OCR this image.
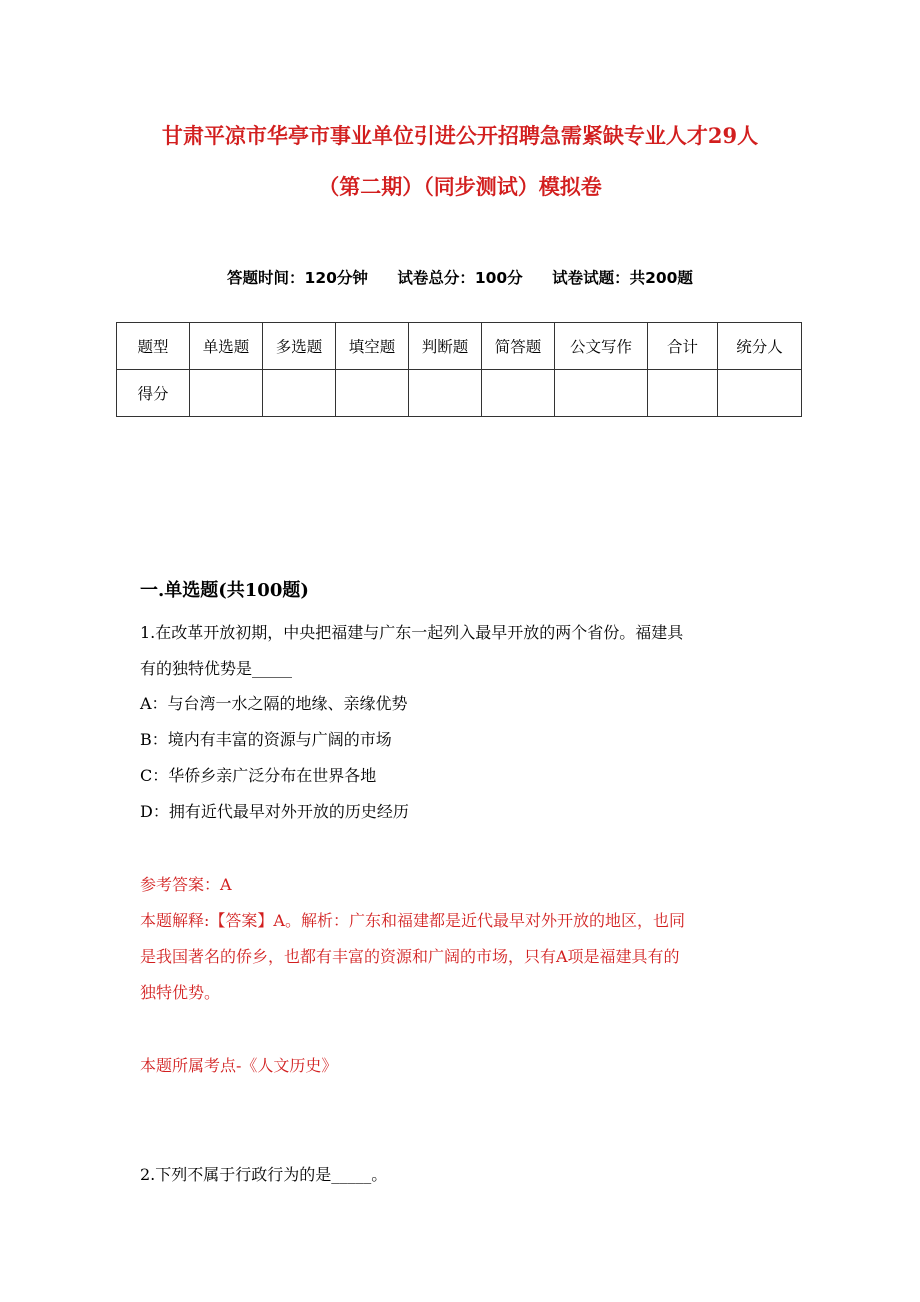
甘肃平凉市华亭市事业单位引进公开招聘急需紧缺专业人才29人
（第二期）（同步测试）模拟卷
答题时间：120分钟 试卷总分：100分 试卷试题：共200题
题型	单选题	多选题	填空题	判断题	简答题	公文写作	合计	统分人
得分								
一.单选题(共100题)
1.在改革开放初期，中央把福建与广东一起列入最早开放的两个省份。福建具
有的独特优势是_____
A：与台湾一水之隔的地缘、亲缘优势
B：境内有丰富的资源与广阔的市场
C：华侨乡亲广泛分布在世界各地
D：拥有近代最早对外开放的历史经历
参考答案：A
本题解释:【答案】A。解析：广东和福建都是近代最早对外开放的地区，也同
是我国著名的侨乡，也都有丰富的资源和广阔的市场，只有A项是福建具有的
独特优势。
本题所属考点-《人文历史》
2.下列不属于行政行为的是_____。
